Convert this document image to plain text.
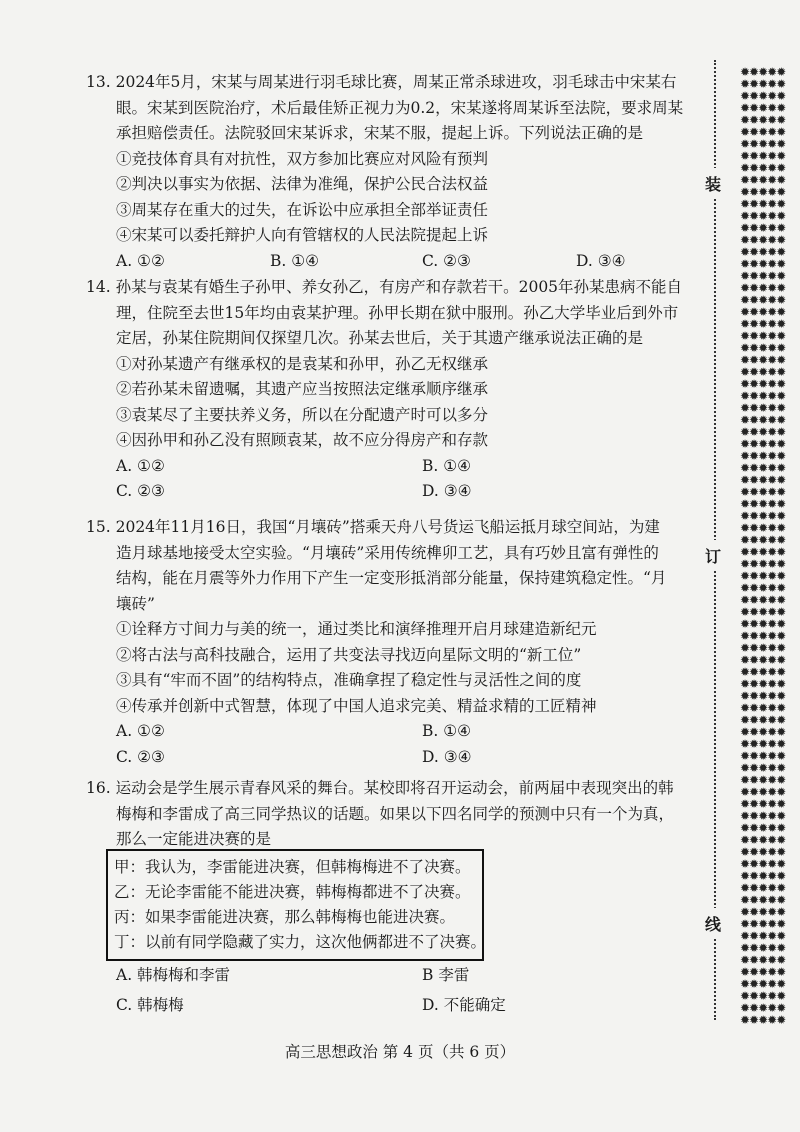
13. 2024年5月，宋某与周某进行羽毛球比赛，周某正常杀球进攻，羽毛球击中宋某右
眼。宋某到医院治疗，术后最佳矫正视力为0.2，宋某遂将周某诉至法院，要求周某
承担赔偿责任。法院驳回宋某诉求，宋某不服，提起上诉。下列说法正确的是
①竞技体育具有对抗性，双方参加比赛应对风险有预判
②判决以事实为依据、法律为准绳，保护公民合法权益
③周某存在重大的过失，在诉讼中应承担全部举证责任
④宋某可以委托辩护人向有管辖权的人民法院提起上诉
A. ①②	B. ①④	C. ②③	D. ③④
14. 孙某与袁某有婚生子孙甲、养女孙乙，有房产和存款若干。2005年孙某患病不能自
理，住院至去世15年均由袁某护理。孙甲长期在狱中服刑。孙乙大学毕业后到外市
定居，孙某住院期间仅探望几次。孙某去世后，关于其遗产继承说法正确的是
①对孙某遗产有继承权的是袁某和孙甲，孙乙无权继承
②若孙某未留遗嘱，其遗产应当按照法定继承顺序继承
③袁某尽了主要扶养义务，所以在分配遗产时可以多分
④因孙甲和孙乙没有照顾袁某，故不应分得房产和存款
A. ①②	B. ①④
C. ②③	D. ③④
15. 2024年11月16日，我国“月壤砖”搭乘天舟八号货运飞船运抵月球空间站，为建
造月球基地接受太空实验。“月壤砖”采用传统榫卯工艺，具有巧妙且富有弹性的
结构，能在月震等外力作用下产生一定变形抵消部分能量，保持建筑稳定性。“月
壤砖”
①诠释方寸间力与美的统一，通过类比和演绎推理开启月球建造新纪元
②将古法与高科技融合，运用了共变法寻找迈向星际文明的“新工位”
③具有“牢而不固”的结构特点，准确拿捏了稳定性与灵活性之间的度
④传承并创新中式智慧，体现了中国人追求完美、精益求精的工匠精神
A. ①②	B. ①④
C. ②③	D. ③④
16. 运动会是学生展示青春风采的舞台。某校即将召开运动会，前两届中表现突出的韩
梅梅和李雷成了高三同学热议的话题。如果以下四名同学的预测中只有一个为真，
那么一定能进决赛的是
甲：我认为，李雷能进决赛，但韩梅梅进不了决赛。
乙：无论李雷能不能进决赛，韩梅梅都进不了决赛。
丙：如果李雷能进决赛，那么韩梅梅也能进决赛。
丁：以前有同学隐藏了实力，这次他俩都进不了决赛。
A. 韩梅梅和李雷	B 李雷
C. 韩梅梅	D. 不能确定
高三思想政治 第 4 页（共 6 页）
装
订
线
✹✹✹✹✹
✹✹✹✹✹
✹✹✹✹✹
✹✹✹✹✹
✹✹✹✹✹
✹✹✹✹✹
✹✹✹✹✹
✹✹✹✹✹
✹✹✹✹✹
✹✹✹✹✹
✹✹✹✹✹
✹✹✹✹✹
✹✹✹✹✹
✹✹✹✹✹
✹✹✹✹✹
✹✹✹✹✹
✹✹✹✹✹
✹✹✹✹✹
✹✹✹✹✹
✹✹✹✹✹
✹✹✹✹✹
✹✹✹✹✹
✹✹✹✹✹
✹✹✹✹✹
✹✹✹✹✹
✹✹✹✹✹
✹✹✹✹✹
✹✹✹✹✹
✹✹✹✹✹
✹✹✹✹✹
✹✹✹✹✹
✹✹✹✹✹
✹✹✹✹✹
✹✹✹✹✹
✹✹✹✹✹
✹✹✹✹✹
✹✹✹✹✹
✹✹✹✹✹
✹✹✹✹✹
✹✹✹✹✹
✹✹✹✹✹
✹✹✹✹✹
✹✹✹✹✹
✹✹✹✹✹
✹✹✹✹✹
✹✹✹✹✹
✹✹✹✹✹
✹✹✹✹✹
✹✹✹✹✹
✹✹✹✹✹
✹✹✹✹✹
✹✹✹✹✹
✹✹✹✹✹
✹✹✹✹✹
✹✹✹✹✹
✹✹✹✹✹
✹✹✹✹✹
✹✹✹✹✹
✹✹✹✹✹
✹✹✹✹✹
✹✹✹✹✹
✹✹✹✹✹
✹✹✹✹✹
✹✹✹✹✹
✹✹✹✹✹
✹✹✹✹✹
✹✹✹✹✹
✹✹✹✹✹
✹✹✹✹✹
✹✹✹✹✹
✹✹✹✹✹
✹✹✹✹✹
✹✹✹✹✹
✹✹✹✹✹
✹✹✹✹✹
✹✹✹✹✹
✹✹✹✹✹
✹✹✹✹✹
✹✹✹✹✹
✹✹✹✹✹
